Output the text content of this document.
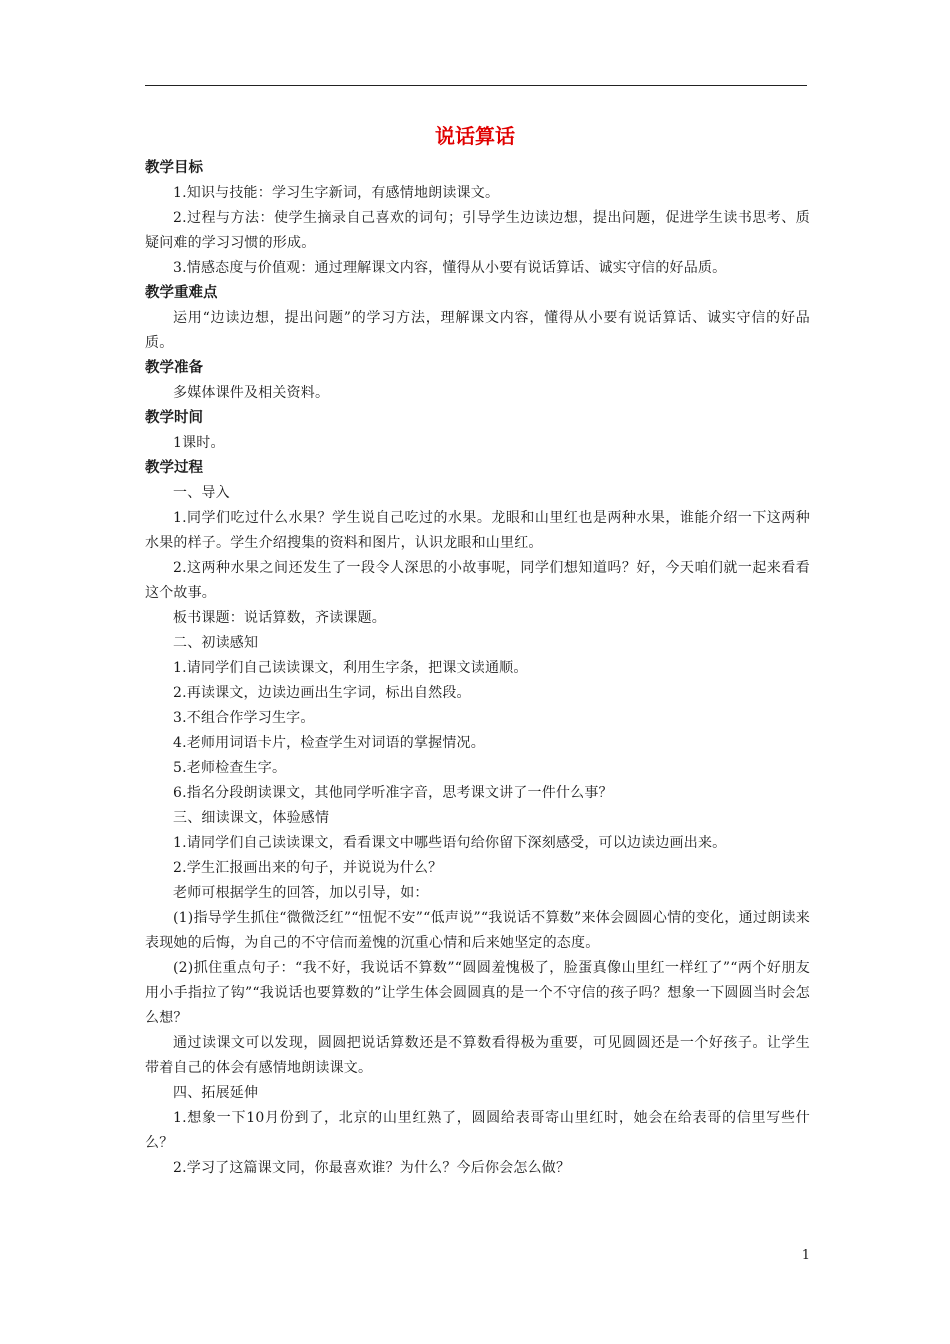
说话算话
教学目标

1.知识与技能：学习生字新词，有感情地朗读课文。

2.过程与方法：使学生摘录自己喜欢的词句；引导学生边读边想，提出问题，促进学生读书思考、质疑问难的学习习惯的形成。

3.情感态度与价值观：通过理解课文内容，懂得从小要有说话算话、诚实守信的好品质。

教学重难点

运用“边读边想，提出问题”的学习方法，理解课文内容，懂得从小要有说话算话、诚实守信的好品质。

教学准备

多媒体课件及相关资料。

教学时间

1课时。

教学过程

一、导入

1.同学们吃过什么水果？学生说自己吃过的水果。龙眼和山里红也是两种水果，谁能介绍一下这两种水果的样子。学生介绍搜集的资料和图片，认识龙眼和山里红。

2.这两种水果之间还发生了一段令人深思的小故事呢，同学们想知道吗？好，今天咱们就一起来看看这个故事。

板书课题：说话算数，齐读课题。

二、初读感知

1.请同学们自己读读课文，利用生字条，把课文读通顺。

2.再读课文，边读边画出生字词，标出自然段。

3.不组合作学习生字。

4.老师用词语卡片，检查学生对词语的掌握情况。

5.老师检查生字。

6.指名分段朗读课文，其他同学听准字音，思考课文讲了一件什么事？

三、细读课文，体验感情

1.请同学们自己读读课文，看看课文中哪些语句给你留下深刻感受，可以边读边画出来。

2.学生汇报画出来的句子，并说说为什么？

老师可根据学生的回答，加以引导，如：

(1)指导学生抓住“微微泛红”“忸怩不安”“低声说”“我说话不算数”来体会圆圆心情的变化，通过朗读来表现她的后悔，为自己的不守信而羞愧的沉重心情和后来她坚定的态度。

(2)抓住重点句子：“我不好，我说话不算数”“圆圆羞愧极了，脸蛋真像山里红一样红了”“两个好朋友用小手指拉了钩”“我说话也要算数的”让学生体会圆圆真的是一个不守信的孩子吗？想象一下圆圆当时会怎么想？

通过读课文可以发现，圆圆把说话算数还是不算数看得极为重要，可见圆圆还是一个好孩子。让学生带着自己的体会有感情地朗读课文。

四、拓展延伸

1.想象一下10月份到了，北京的山里红熟了，圆圆给表哥寄山里红时，她会在给表哥的信里写些什么？

2.学习了这篇课文同，你最喜欢谁？为什么？今后你会怎么做？

1
